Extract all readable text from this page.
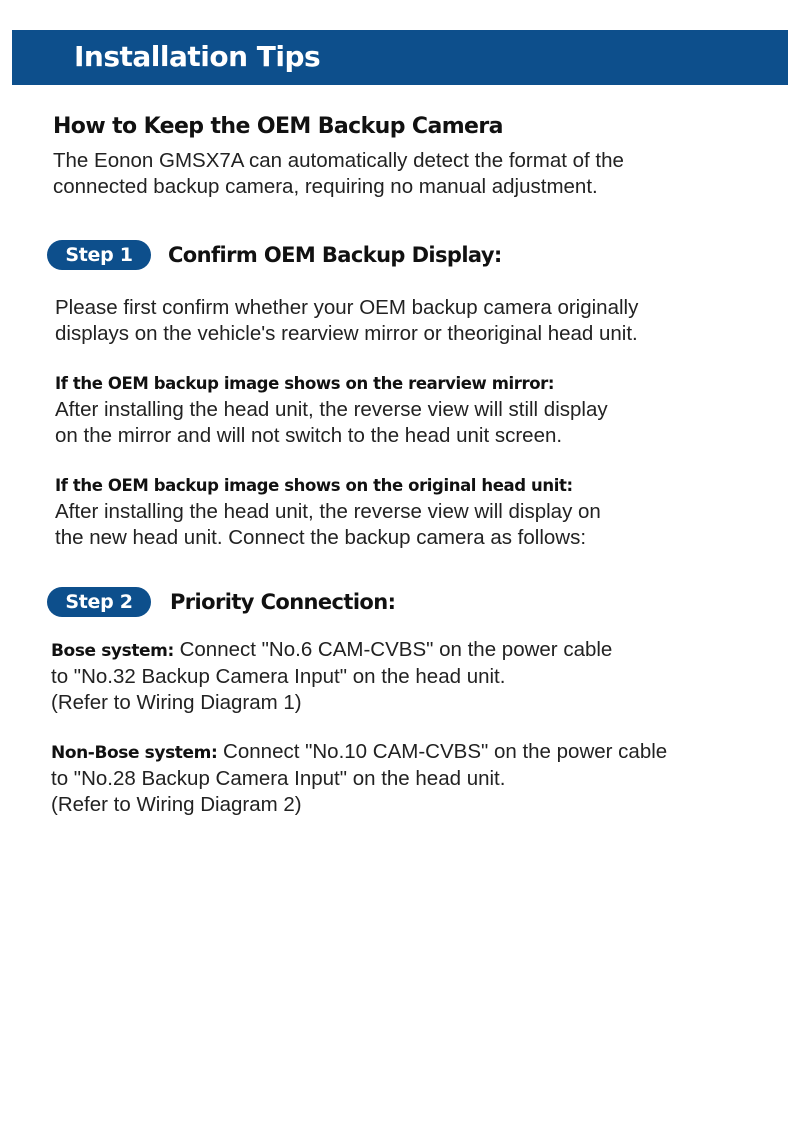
Installation Tips
How to Keep the OEM Backup Camera
The Eonon GMSX7A can automatically detect the format of the
connected backup camera, requiring no manual adjustment.
Step 1	Confirm OEM Backup Display:
Please first confirm whether your OEM backup camera originally
displays on the vehicle's rearview mirror or theoriginal head unit.
If the OEM backup image shows on the rearview mirror:
After installing the head unit, the reverse view will still display
on the mirror and will not switch to the head unit screen.
If the OEM backup image shows on the original head unit:
After installing the head unit, the reverse view will display on
the new head unit. Connect the backup camera as follows:
Step 2	Priority Connection:
Bose system: Connect "No.6 CAM-CVBS" on the power cable
to "No.32 Backup Camera Input" on the head unit.
(Refer to Wiring Diagram 1)
Non-Bose system: Connect "No.10 CAM-CVBS" on the power cable
to "No.28 Backup Camera Input" on the head unit.
(Refer to Wiring Diagram 2)
